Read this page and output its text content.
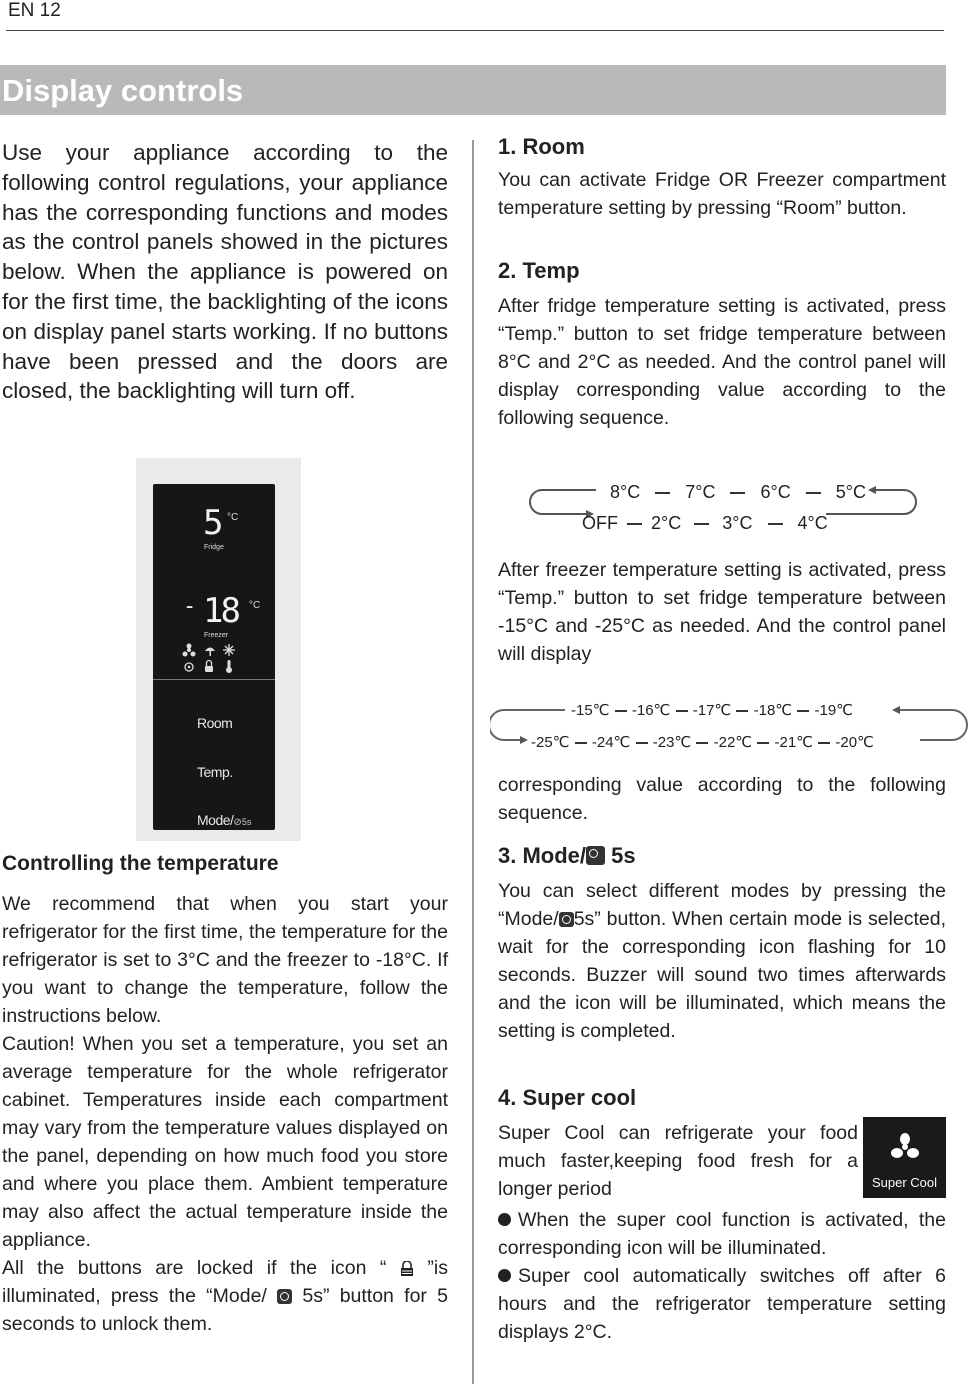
EN 12
Display controls
Use your appliance according to the following control regulations, your appliance has the corresponding functions and modes as the control panels showed in the pictures below. When the appliance is powered on for the first time, the backlighting of the icons on display panel starts working. If no buttons have been pressed and the doors are closed, the backlighting will turn off.
5 °C
Fridge
- 18 °C
Freezer
Room
Temp.
Mode/⊘5s
Controlling the temperature

We recommend that when you start your refrigerator for the first time, the temperature for the refrigerator is set to 3°C and the freezer to -18°C. If you want to change the temperature, follow the instructions below.

Caution! When you set a temperature, you set an average temperature for the whole refrigerator cabinet. Temperatures inside each compartment may vary from the temperature values displayed on the panel, depending on how much food you store and where you place them. Ambient temperature may also affect the actual temperature inside the appliance.

All the buttons are locked if the icon “ ”is illuminated, press the “Mode/ 5s” button for 5 seconds to unlock them.

1. Room

You can activate Fridge OR Freezer compartment temperature setting by pressing “Room” button.

2. Temp

After fridge temperature setting is activated, press “Temp.” button to set fridge temperature between 8°C and 2°C as needed. And the control panel will display corresponding value according to the following sequence.

8°C	7°C	6°C	5°C
OFF 2°C 3°C	4°C
After freezer temperature setting is activated, press “Temp.” button to set fridge temperature between -15°C and -25°C as needed. And the control panel will display
-15℃ -16℃ -17℃ -18℃ -19℃
-25℃ -24℃ -23℃ -22℃ -21℃ -20℃
corresponding value according to the following sequence.

3. Mode/ 5s

You can select different modes by pressing the “Mode/ 5s” button. When certain mode is selected, wait for the corresponding icon flashing for 10 seconds. Buzzer will sound two times afterwards and the icon will be illuminated, which means the setting is completed.

4. Super cool

Super Cool can refrigerate your food much faster,keeping food fresh for a longer period

When the super cool function is activated, the corresponding icon will be illuminated.

Super cool automatically switches off after 6 hours and the refrigerator temperature setting displays 2°C.

Super Cool
